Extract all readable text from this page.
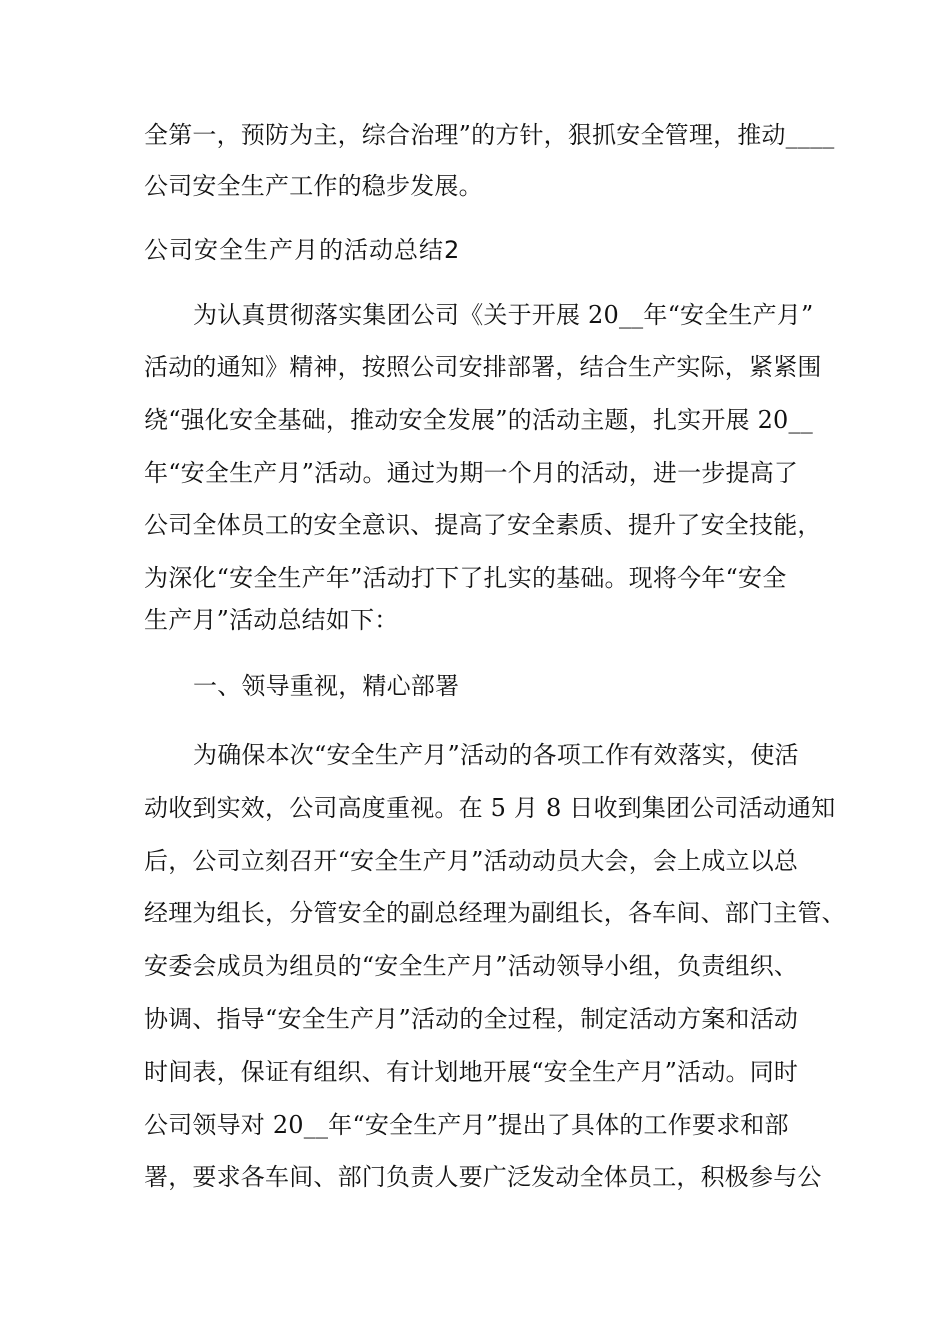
全第一，预防为主，综合治理”的方针，狠抓安全管理，推动____
公司安全生产工作的稳步发展。
公司安全生产月的活动总结2
为认真贯彻落实集团公司《关于开展 20__年“安全生产月”
活动的通知》精神，按照公司安排部署，结合生产实际，紧紧围
绕“强化安全基础，推动安全发展”的活动主题，扎实开展 20__
年“安全生产月”活动。通过为期一个月的活动，进一步提高了
公司全体员工的安全意识、提高了安全素质、提升了安全技能，
为深化“安全生产年”活动打下了扎实的基础。现将今年“安全
生产月”活动总结如下：
一、领导重视，精心部署
为确保本次“安全生产月”活动的各项工作有效落实，使活
动收到实效，公司高度重视。在 5 月 8 日收到集团公司活动通知
后，公司立刻召开“安全生产月”活动动员大会，会上成立以总
经理为组长，分管安全的副总经理为副组长，各车间、部门主管、
安委会成员为组员的“安全生产月”活动领导小组，负责组织、
协调、指导“安全生产月”活动的全过程，制定活动方案和活动
时间表，保证有组织、有计划地开展“安全生产月”活动。同时
公司领导对 20__年“安全生产月”提出了具体的工作要求和部
署，要求各车间、部门负责人要广泛发动全体员工，积极参与公
